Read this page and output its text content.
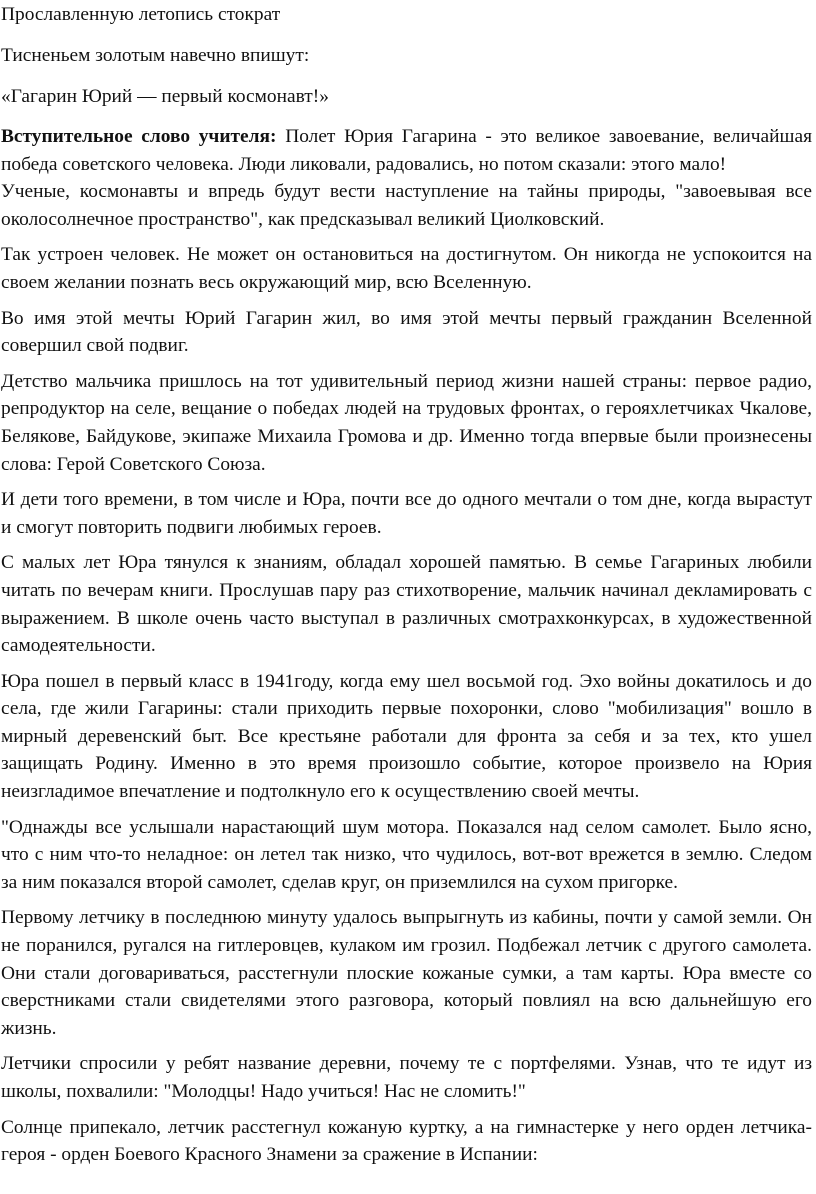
Прославленную летопись стократ

Тисненьем золотым навечно впишут:

«Гагарин Юрий — первый космонавт!»

Вступительное слово учителя: Полет Юрия Гагарина - это великое завоевание, величайшая победа советского человека. Люди ликовали, радовались, но потом сказали: этого мало!

Ученые, космонавты и впредь будут вести наступление на тайны природы, "завоевывая все околосолнечное пространство", как предсказывал великий Циолковский.

Так устроен человек. Не может он остановиться на достигнутом. Он никогда не успокоится на своем желании познать весь окружающий мир, всю Вселенную.

Во имя этой мечты Юрий Гагарин жил, во имя этой мечты первый гражданин Вселенной совершил свой подвиг.

Детство мальчика пришлось на тот удивительный период жизни нашей страны: первое радио, репродуктор на селе, вещание о победах людей на трудовых фронтах, о герояхлетчиках Чкалове, Белякове, Байдукове, экипаже Михаила Громова и др. Именно тогда впервые были произнесены слова: Герой Советского Союза.

И дети того времени, в том числе и Юра, почти все до одного мечтали о том дне, когда вырастут и смогут повторить подвиги любимых героев.

С малых лет Юра тянулся к знаниям, обладал хорошей памятью. В семье Гагариных любили читать по вечерам книги. Прослушав пару раз стихотворение, мальчик начинал декламировать с выражением. В школе очень часто выступал в различных смотрахконкурсах, в художественной самодеятельности.

Юра пошел в первый класс в 1941году, когда ему шел восьмой год. Эхо войны докатилось и до села, где жили Гагарины: стали приходить первые похоронки, слово "мобилизация" вошло в мирный деревенский быт. Все крестьяне работали для фронта за себя и за тех, кто ушел защищать Родину. Именно в это время произошло событие, которое произвело на Юрия неизгладимое впечатление и подтолкнуло его к осуществлению своей мечты.

"Однажды все услышали нарастающий шум мотора. Показался над селом самолет. Было ясно, что с ним что-то неладное: он летел так низко, что чудилось, вот-вот врежется в землю. Следом за ним показался второй самолет, сделав круг, он приземлился на сухом пригорке.

Первому летчику в последнюю минуту удалось выпрыгнуть из кабины, почти у самой земли. Он не поранился, ругался на гитлеровцев, кулаком им грозил. Подбежал летчик с другого самолета. Они стали договариваться, расстегнули плоские кожаные сумки, а там карты. Юра вместе со сверстниками стали свидетелями этого разговора, который повлиял на всю дальнейшую его жизнь.

Летчики спросили у ребят название деревни, почему те с портфелями. Узнав, что те идут из школы, похвалили: "Молодцы! Надо учиться! Нас не сломить!"

Солнце припекало, летчик расстегнул кожаную куртку, а на гимнастерке у него орден летчика-героя - орден Боевого Красного Знамени за сражение в Испании:
